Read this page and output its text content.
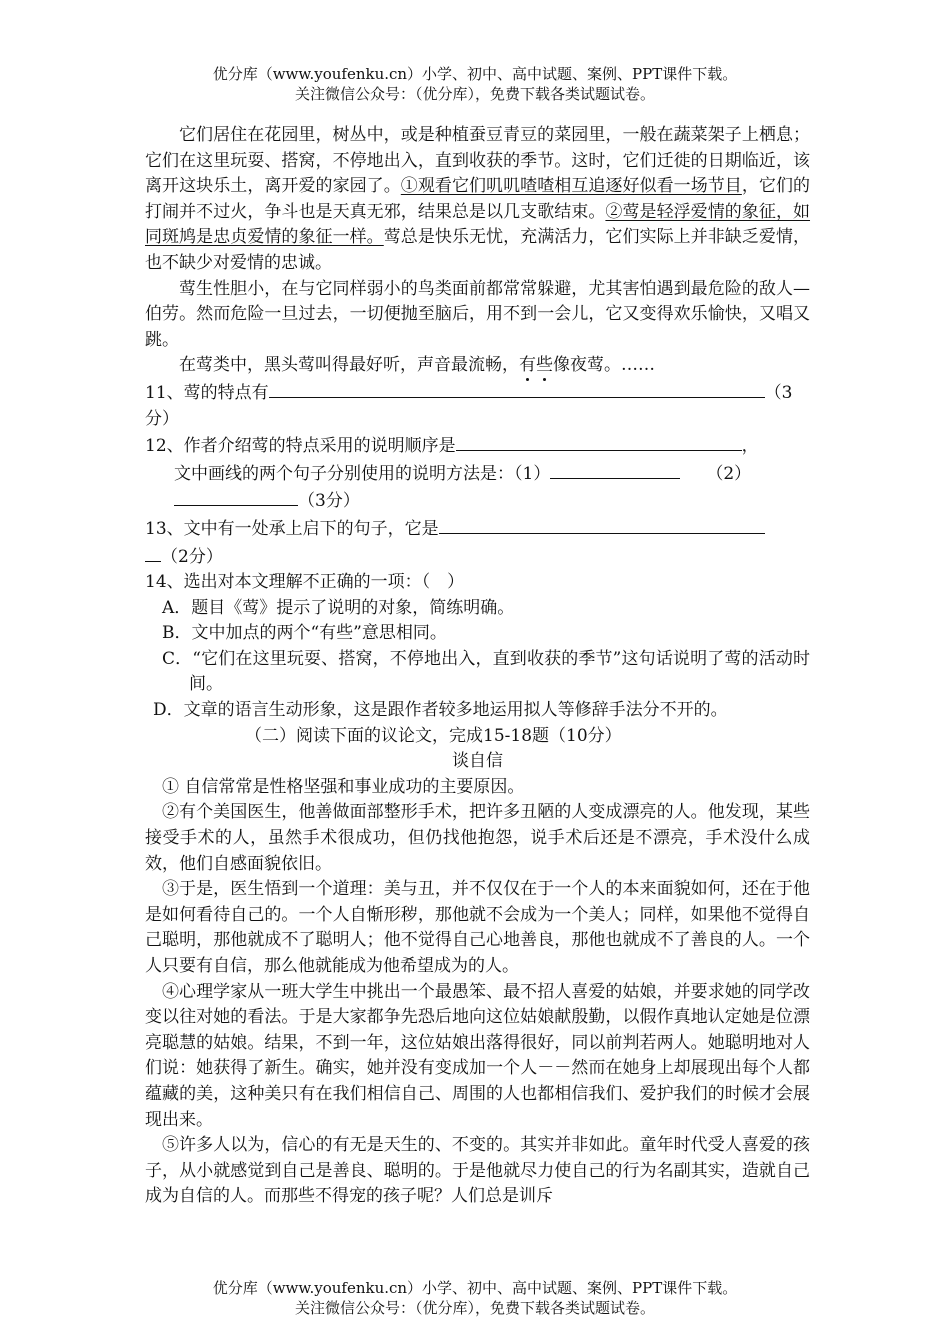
优分库（www.youfenku.cn）小学、初中、高中试题、案例、PPT课件下载。
关注微信公众号：（优分库），免费下载各类试题试卷。

它们居住在花园里，树丛中，或是种植蚕豆青豆的菜园里，一般在蔬菜架子上栖息；它们在这里玩耍、搭窝，不停地出入，直到收获的季节。这时，它们迁徙的日期临近，该离开这块乐土，离开爱的家园了。①观看它们叽叽喳喳相互追逐好似看一场节目，它们的打闹并不过火，争斗也是天真无邪，结果总是以几支歌结束。②莺是轻浮爱情的象征，如同斑鸠是忠贞爱情的象征一样。莺总是快乐无忧，充满活力，它们实际上并非缺乏爱情，也不缺少对爱情的忠诚。

莺生性胆小，在与它同样弱小的鸟类面前都常常躲避，尤其害怕遇到最危险的敌人—伯劳。然而危险一旦过去，一切便抛至脑后，用不到一会儿，它又变得欢乐愉快，又唱又跳。

在莺类中，黑头莺叫得最好听，声音最流畅，有些像夜莺。……

11、莺的特点有	（3

分）

12、作者介绍莺的特点采用的说明顺序是	，

文中画线的两个句子分别使用的说明方法是：（1）	（2）

（3分）

13、文中有一处承上启下的句子，它是

（2分）

14、选出对本文理解不正确的一项：（　）

A．题目《莺》提示了说明的对象，简练明确。

B．文中加点的两个“有些”意思相同。

C．“它们在这里玩耍、搭窝，不停地出入，直到收获的季节”这句话说明了莺的活动时间。

D．文章的语言生动形象，这是跟作者较多地运用拟人等修辞手法分不开的。

（二）阅读下面的议论文，完成15-18题（10分）

谈自信

① 自信常常是性格坚强和事业成功的主要原因。

②有个美国医生，他善做面部整形手术，把许多丑陋的人变成漂亮的人。他发现，某些接受手术的人，虽然手术很成功，但仍找他抱怨，说手术后还是不漂亮，手术没什么成效，他们自感面貌依旧。

③于是，医生悟到一个道理：美与丑，并不仅仅在于一个人的本来面貌如何，还在于他是如何看待自己的。一个人自惭形秽，那他就不会成为一个美人；同样，如果他不觉得自己聪明，那他就成不了聪明人；他不觉得自己心地善良，那他也就成不了善良的人。一个人只要有自信，那么他就能成为他希望成为的人。

④心理学家从一班大学生中挑出一个最愚笨、最不招人喜爱的姑娘，并要求她的同学改变以往对她的看法。于是大家都争先恐后地向这位姑娘献殷勤，以假作真地认定她是位漂亮聪慧的姑娘。结果，不到一年，这位姑娘出落得很好，同以前判若两人。她聪明地对人们说：她获得了新生。确实，她并没有变成加一个人－－然而在她身上却展现出每个人都蕴藏的美，这种美只有在我们相信自己、周围的人也都相信我们、爱护我们的时候才会展现出来。

⑤许多人以为，信心的有无是天生的、不变的。其实并非如此。童年时代受人喜爱的孩子，从小就感觉到自己是善良、聪明的。于是他就尽力使自己的行为名副其实，造就自己成为自信的人。而那些不得宠的孩子呢？人们总是训斥

优分库（www.youfenku.cn）小学、初中、高中试题、案例、PPT课件下载。
关注微信公众号：（优分库），免费下载各类试题试卷。
